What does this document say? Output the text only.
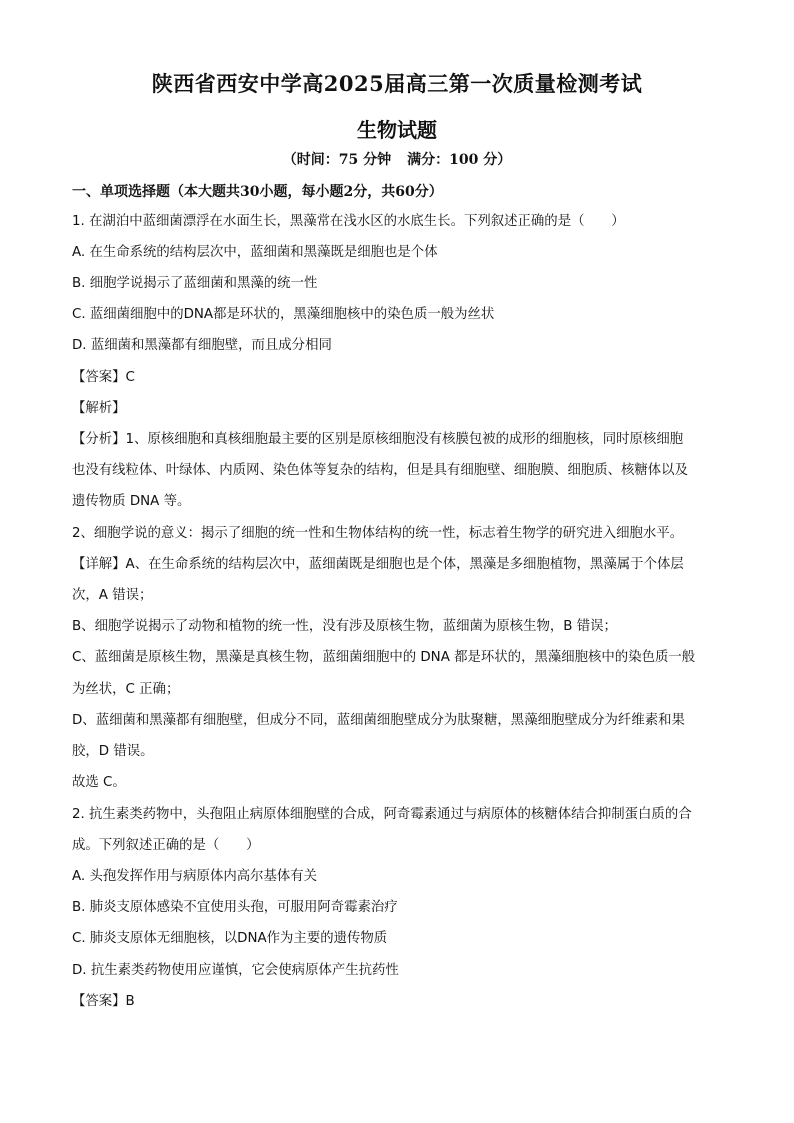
陕西省西安中学高2025届高三第一次质量检测考试
生物试题
（时间：75 分钟 满分：100 分）
一、单项选择题（本大题共30小题，每小题2分，共60分）
1. 在湖泊中蓝细菌漂浮在水面生长，黑藻常在浅水区的水底生长。下列叙述正确的是（　　）
A. 在生命系统的结构层次中，蓝细菌和黑藻既是细胞也是个体
B. 细胞学说揭示了蓝细菌和黑藻的统一性
C. 蓝细菌细胞中的DNA都是环状的，黑藻细胞核中的染色质一般为丝状
D. 蓝细菌和黑藻都有细胞壁，而且成分相同
【答案】C
【解析】
【分析】1、原核细胞和真核细胞最主要的区别是原核细胞没有核膜包被的成形的细胞核，同时原核细胞
也没有线粒体、叶绿体、内质网、染色体等复杂的结构，但是具有细胞壁、细胞膜、细胞质、核糖体以及
遗传物质 DNA 等。
2、细胞学说的意义：揭示了细胞的统一性和生物体结构的统一性，标志着生物学的研究进入细胞水平。
【详解】A、在生命系统的结构层次中，蓝细菌既是细胞也是个体，黑藻是多细胞植物，黑藻属于个体层
次，A 错误；
B、细胞学说揭示了动物和植物的统一性，没有涉及原核生物，蓝细菌为原核生物，B 错误；
C、蓝细菌是原核生物，黑藻是真核生物，蓝细菌细胞中的 DNA 都是环状的，黑藻细胞核中的染色质一般
为丝状，C 正确；
D、蓝细菌和黑藻都有细胞壁，但成分不同，蓝细菌细胞壁成分为肽聚糖，黑藻细胞壁成分为纤维素和果
胶，D 错误。
故选 C。
2. 抗生素类药物中，头孢阻止病原体细胞壁的合成，阿奇霉素通过与病原体的核糖体结合抑制蛋白质的合
成。下列叙述正确的是（　　）
A. 头孢发挥作用与病原体内高尔基体有关
B. 肺炎支原体感染不宜使用头孢，可服用阿奇霉素治疗
C. 肺炎支原体无细胞核，以DNA作为主要的遗传物质
D. 抗生素类药物使用应谨慎，它会使病原体产生抗药性
【答案】B
